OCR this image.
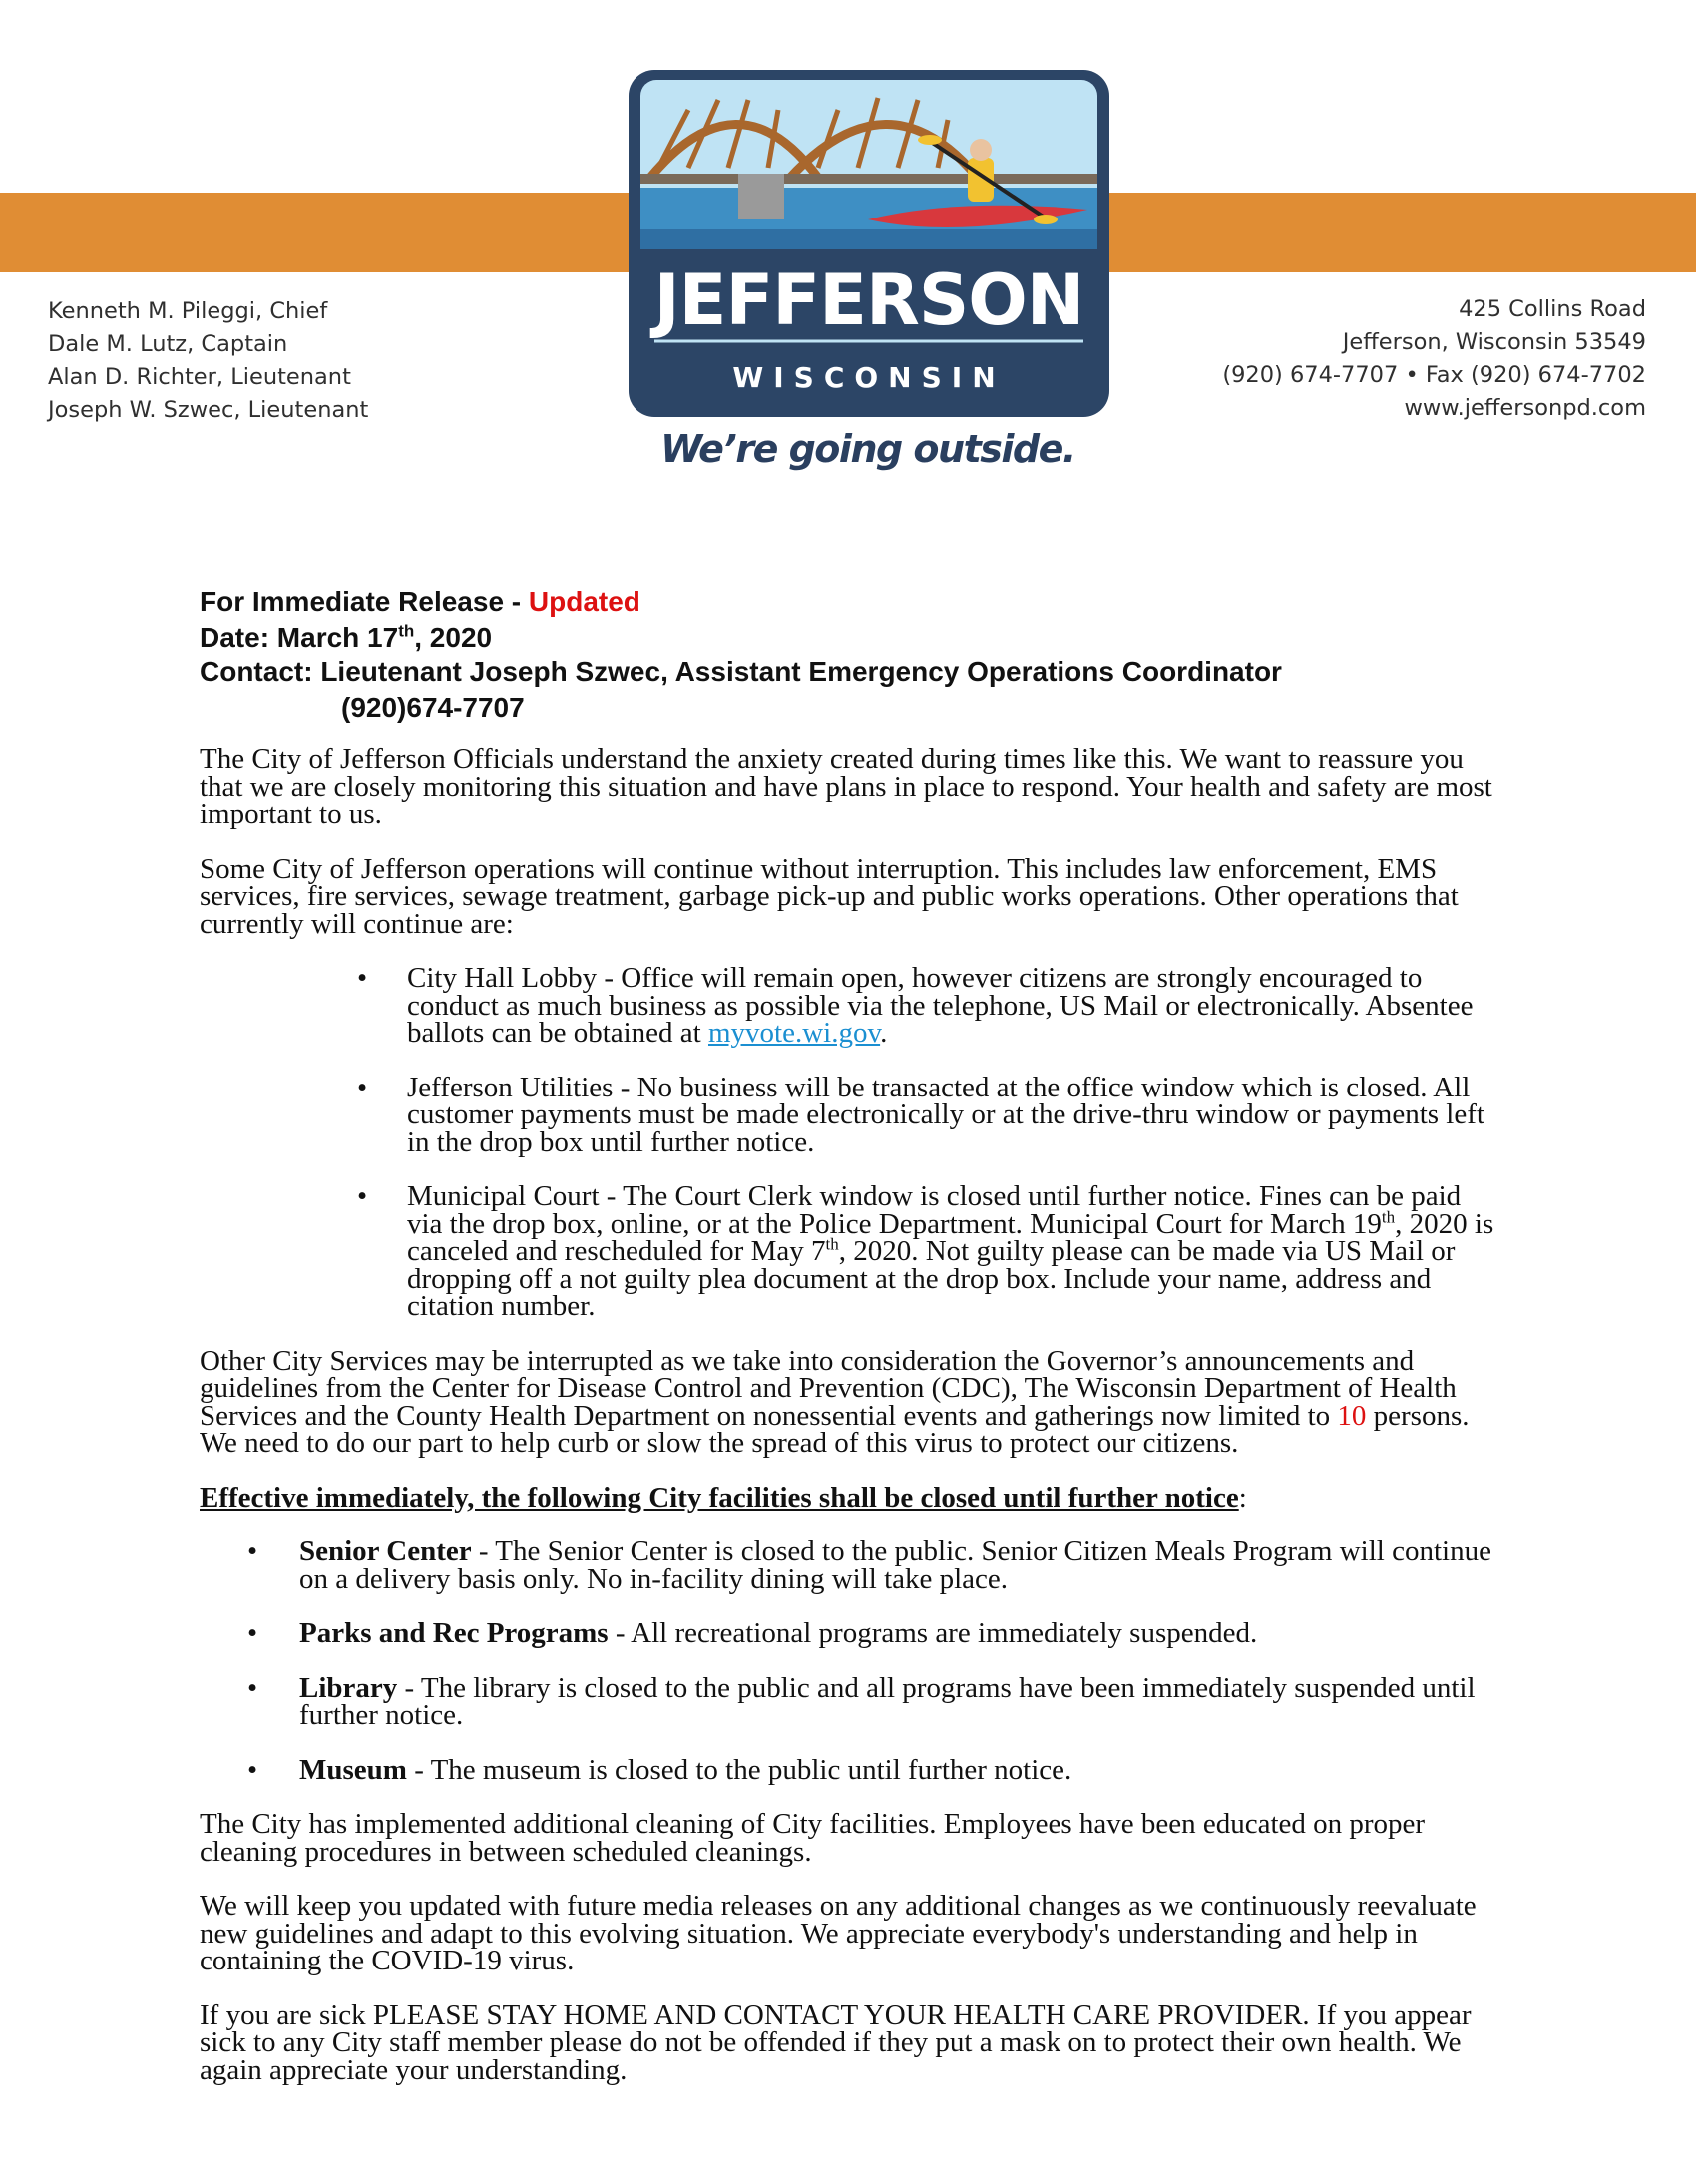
Kenneth M. Pileggi, Chief
Dale M. Lutz, Captain
Alan D. Richter, Lieutenant
Joseph W. Szwec, Lieutenant
425 Collins Road
Jefferson, Wisconsin 53549
(920) 674-7707 • Fax (920) 674-7702
www.jeffersonpd.com
JEFFERSON
WISCONSIN
We’re going outside.
For Immediate Release - Updated
Date: March 17th, 2020
Contact: Lieutenant Joseph Szwec, Assistant Emergency Operations Coordinator
(920)674-7707

The City of Jefferson Officials understand the anxiety created during times like this. We want to reassure you that we are closely monitoring this situation and have plans in place to respond. Your health and safety are most important to us.

Some City of Jefferson operations will continue without interruption. This includes law enforcement, EMS services, fire services, sewage treatment, garbage pick-up and public works operations. Other operations that currently will continue are:

• City Hall Lobby - Office will remain open, however citizens are strongly encouraged to conduct as much business as possible via the telephone, US Mail or electronically. Absentee ballots can be obtained at myvote.wi.gov.
• Jefferson Utilities - No business will be transacted at the office window which is closed. All customer payments must be made electronically or at the drive-thru window or payments left in the drop box until further notice.
• Municipal Court - The Court Clerk window is closed until further notice. Fines can be paid via the drop box, online, or at the Police Department. Municipal Court for March 19th, 2020 is canceled and rescheduled for May 7th, 2020. Not guilty please can be made via US Mail or dropping off a not guilty plea document at the drop box. Include your name, address and citation number.

Other City Services may be interrupted as we take into consideration the Governor’s announcements and guidelines from the Center for Disease Control and Prevention (CDC), The Wisconsin Department of Health Services and the County Health Department on nonessential events and gatherings now limited to 10 persons. We need to do our part to help curb or slow the spread of this virus to protect our citizens.

Effective immediately, the following City facilities shall be closed until further notice:

• Senior Center - The Senior Center is closed to the public. Senior Citizen Meals Program will continue on a delivery basis only. No in-facility dining will take place.
• Parks and Rec Programs - All recreational programs are immediately suspended.
• Library - The library is closed to the public and all programs have been immediately suspended until further notice.
• Museum - The museum is closed to the public until further notice.

The City has implemented additional cleaning of City facilities. Employees have been educated on proper cleaning procedures in between scheduled cleanings.

We will keep you updated with future media releases on any additional changes as we continuously reevaluate new guidelines and adapt to this evolving situation. We appreciate everybody's understanding and help in containing the COVID-19 virus.

If you are sick PLEASE STAY HOME AND CONTACT YOUR HEALTH CARE PROVIDER. If you appear sick to any City staff member please do not be offended if they put a mask on to protect their own health. We again appreciate your understanding.
